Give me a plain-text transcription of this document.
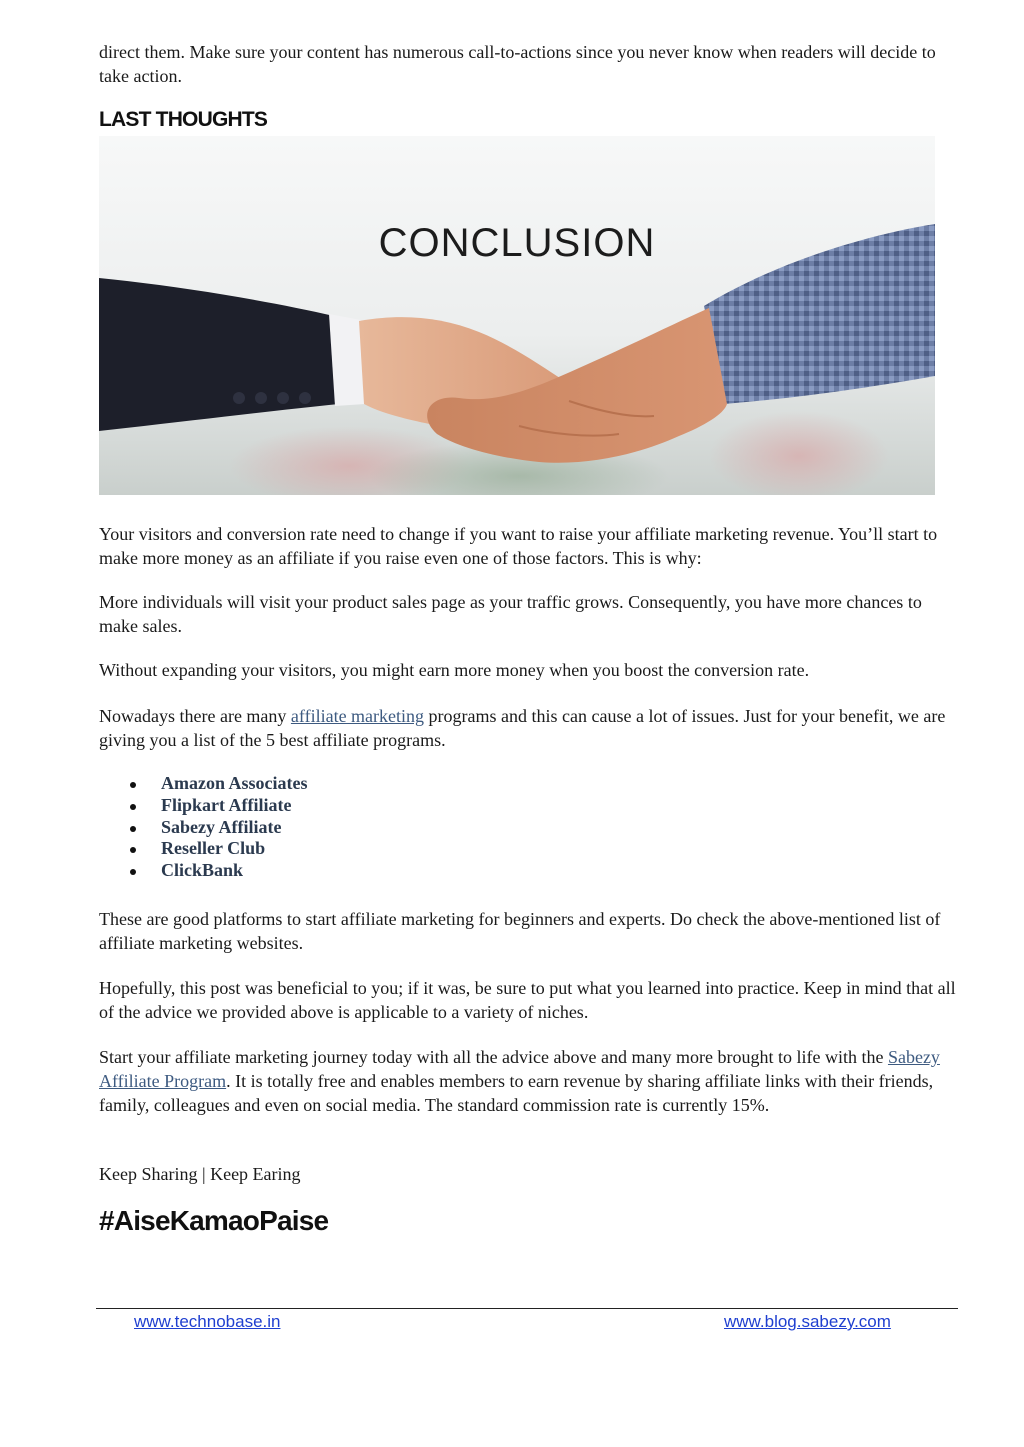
direct them. Make sure your content has numerous call-to-actions since you never know when readers will decide to take action.

LAST THOUGHTS
CONCLUSION

Your visitors and conversion rate need to change if you want to raise your affiliate marketing revenue. You’ll start to make more money as an affiliate if you raise even one of those factors. This is why:

More individuals will visit your product sales page as your traffic grows. Consequently, you have more chances to make sales.

Without expanding your visitors, you might earn more money when you boost the conversion rate.

Nowadays there are many affiliate marketing programs and this can cause a lot of issues. Just for your benefit, we are giving you a list of the 5 best affiliate programs.

Amazon Associates
Flipkart Affiliate
Sabezy Affiliate
Reseller Club
ClickBank

These are good platforms to start affiliate marketing for beginners and experts. Do check the above-mentioned list of affiliate marketing websites.

Hopefully, this post was beneficial to you; if it was, be sure to put what you learned into practice. Keep in mind that all of the advice we provided above is applicable to a variety of niches.

Start your affiliate marketing journey today with all the advice above and many more brought to life with the Sabezy Affiliate Program. It is totally free and enables members to earn revenue by sharing affiliate links with their friends, family, colleagues and even on social media. The standard commission rate is currently 15%.

Keep Sharing | Keep Earing

#AiseKamaoPaise
www.technobase.in	www.blog.sabezy.com
